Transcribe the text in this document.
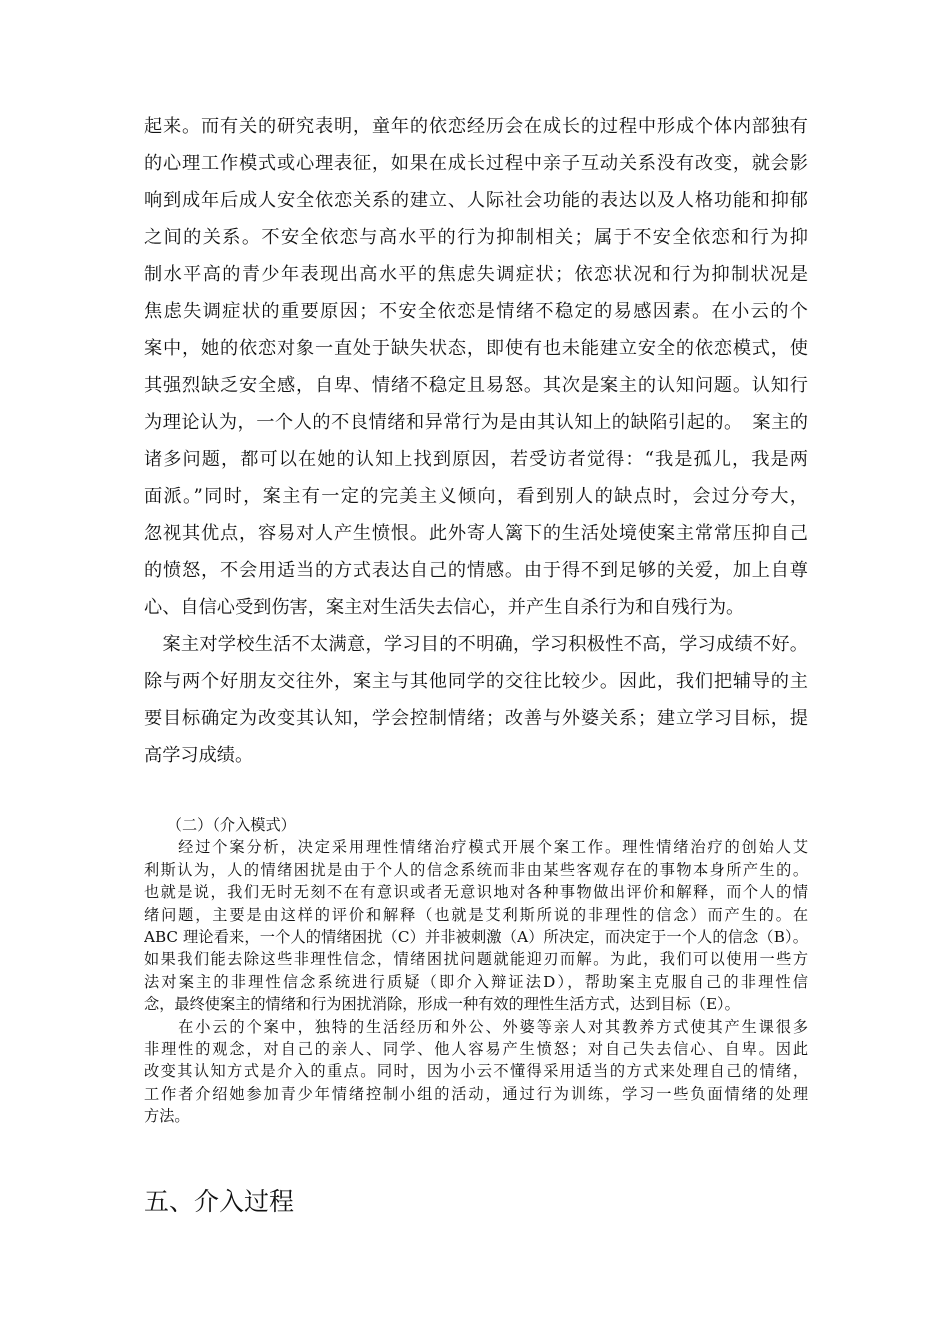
起来。而有关的研究表明，童年的依恋经历会在成长的过程中形成个体内部独有
的心理工作模式或心理表征，如果在成长过程中亲子互动关系没有改变，就会影
响到成年后成人安全依恋关系的建立、人际社会功能的表达以及人格功能和抑郁
之间的关系。不安全依恋与高水平的行为抑制相关；属于不安全依恋和行为抑
制水平高的青少年表现出高水平的焦虑失调症状；依恋状况和行为抑制状况是
焦虑失调症状的重要原因；不安全依恋是情绪不稳定的易感因素。在小云的个
案中，她的依恋对象一直处于缺失状态，即使有也未能建立安全的依恋模式，使
其强烈缺乏安全感，自卑、情绪不稳定且易怒。其次是案主的认知问题。认知行
为理论认为，一个人的不良情绪和异常行为是由其认知上的缺陷引起的。　案主的
诸多问题，都可以在她的认知上找到原因，若受访者觉得：“我是孤儿，我是两
面派。”同时，案主有一定的完美主义倾向，看到别人的缺点时，会过分夸大，
忽视其优点，容易对人产生愤恨。此外寄人篱下的生活处境使案主常常压抑自己
的愤怒，不会用适当的方式表达自己的情感。由于得不到足够的关爱，加上自尊
心、自信心受到伤害，案主对生活失去信心，并产生自杀行为和自残行为。
　案主对学校生活不太满意，学习目的不明确，学习积极性不高，学习成绩不好。
除与两个好朋友交往外，案主与其他同学的交往比较少。因此，我们把辅导的主
要目标确定为改变其认知，学会控制情绪；改善与外婆关系；建立学习目标，提
高学习成绩。
　　（二）（介入模式）
　　经过个案分析，决定采用理性情绪治疗模式开展个案工作。理性情绪治疗的创始人艾
利斯认为，人的情绪困扰是由于个人的信念系统而非由某些客观存在的事物本身所产生的。
也就是说，我们无时无刻不在有意识或者无意识地对各种事物做出评价和解释，而个人的情
绪问题，主要是由这样的评价和解释（也就是艾利斯所说的非理性的信念）而产生的。在
ABC 理论看来，一个人的情绪困扰（C）并非被刺激（A）所决定，而决定于一个人的信念（B）。
如果我们能去除这些非理性信念，情绪困扰问题就能迎刃而解。为此，我们可以使用一些方
法对案主的非理性信念系统进行质疑（即介入辩证法D），帮助案主克服自己的非理性信
念，最终使案主的情绪和行为困扰消除，形成一种有效的理性生活方式，达到目标（E）。
　　在小云的个案中，独特的生活经历和外公、外婆等亲人对其教养方式使其产生课很多
非理性的观念，对自己的亲人、同学、他人容易产生愤怒；对自己失去信心、自卑。因此
改变其认知方式是介入的重点。同时，因为小云不懂得采用适当的方式来处理自己的情绪，
工作者介绍她参加青少年情绪控制小组的活动，通过行为训练，学习一些负面情绪的处理
方法。
五、介入过程
